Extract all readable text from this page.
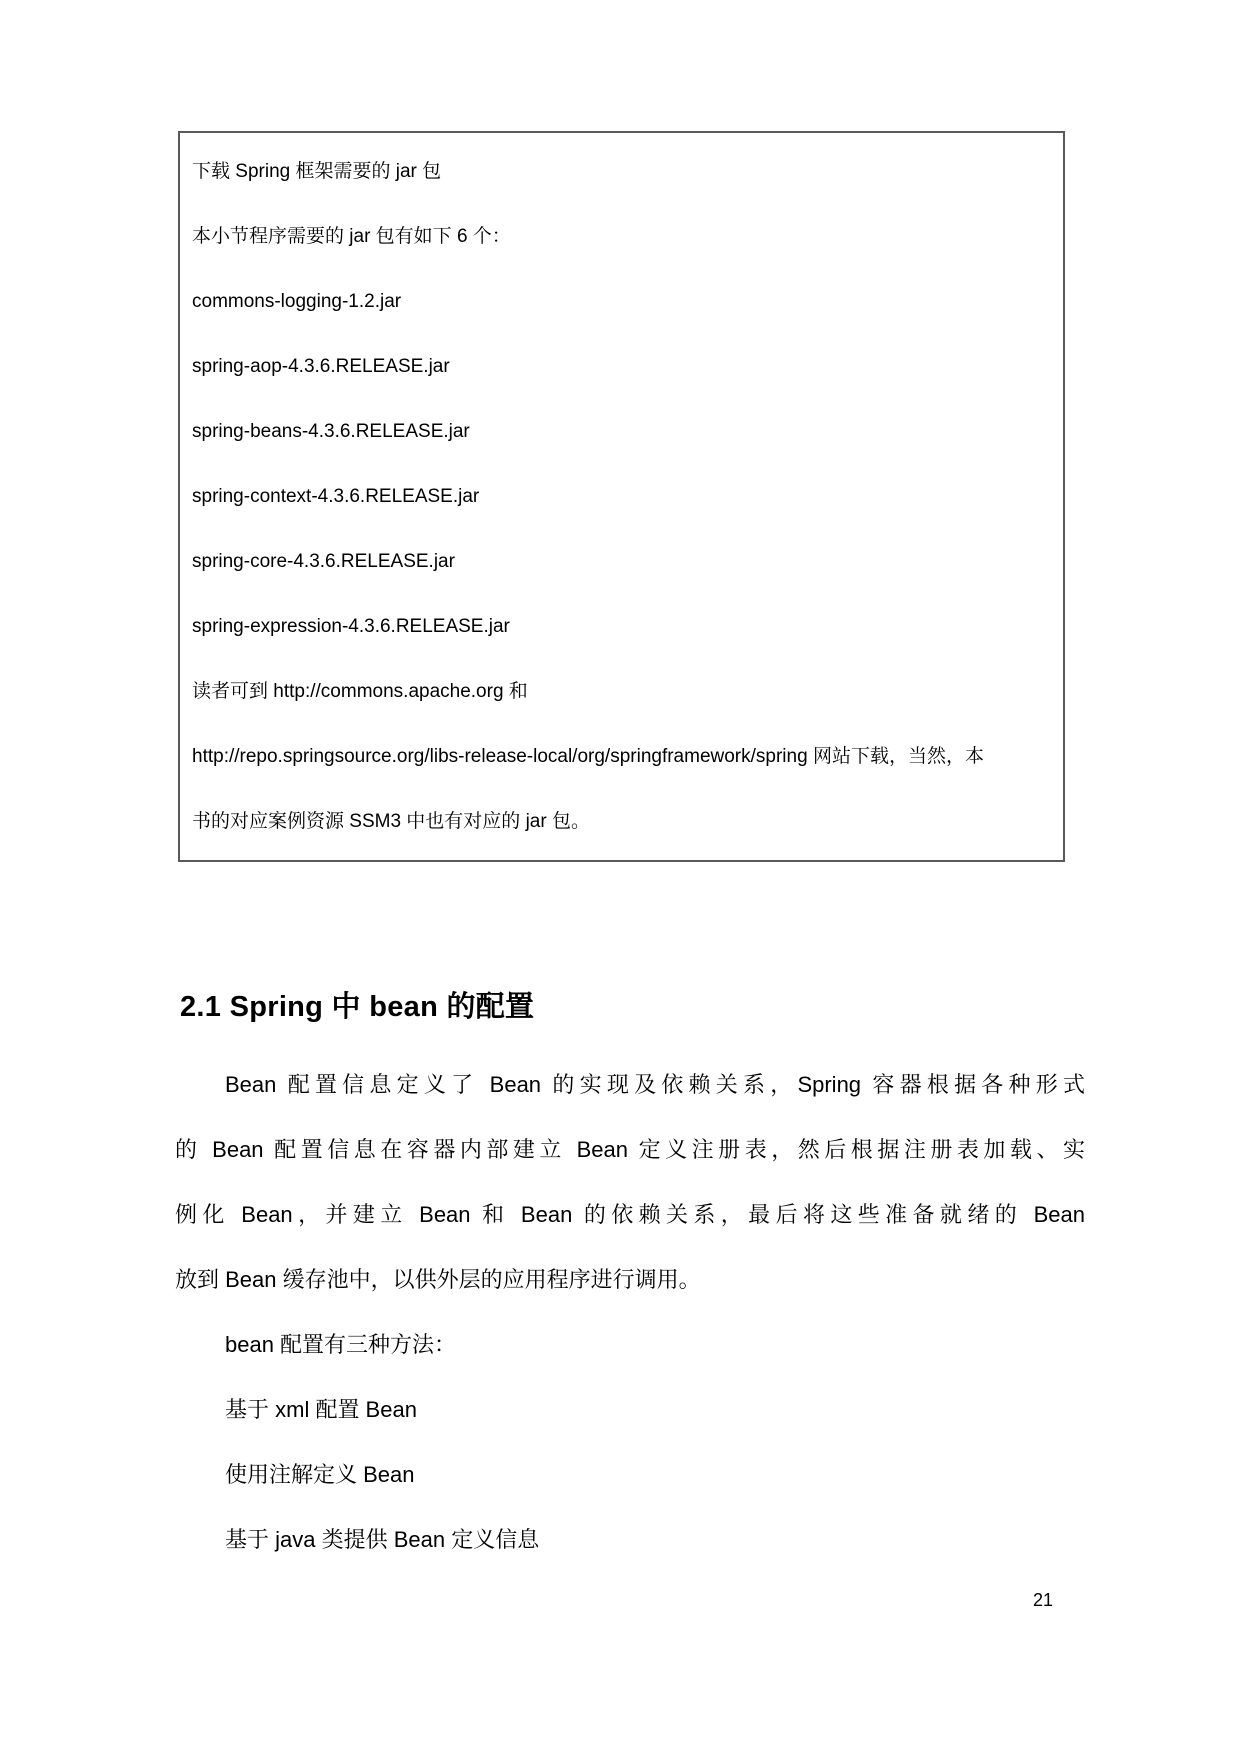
下载 Spring 框架需要的 jar 包
本小节程序需要的 jar 包有如下 6 个：
commons-logging-1.2.jar
spring-aop-4.3.6.RELEASE.jar
spring-beans-4.3.6.RELEASE.jar
spring-context-4.3.6.RELEASE.jar
spring-core-4.3.6.RELEASE.jar
spring-expression-4.3.6.RELEASE.jar
读者可到 http://commons.apache.org 和
http://repo.springsource.org/libs-release-local/org/springframework/spring 网站下载，当然，本
书的对应案例资源 SSM3 中也有对应的 jar 包。
2.1 Spring 中 bean 的配置
Bean 配置信息定义了 Bean 的实现及依赖关系，Spring 容器根据各种形式
的 Bean 配置信息在容器内部建立 Bean 定义注册表，然后根据注册表加载、实
例化 Bean，并建立 Bean 和 Bean 的依赖关系，最后将这些准备就绪的 Bean
放到 Bean 缓存池中，以供外层的应用程序进行调用。
bean 配置有三种方法：
基于 xml 配置 Bean
使用注解定义 Bean
基于 java 类提供 Bean 定义信息
21
